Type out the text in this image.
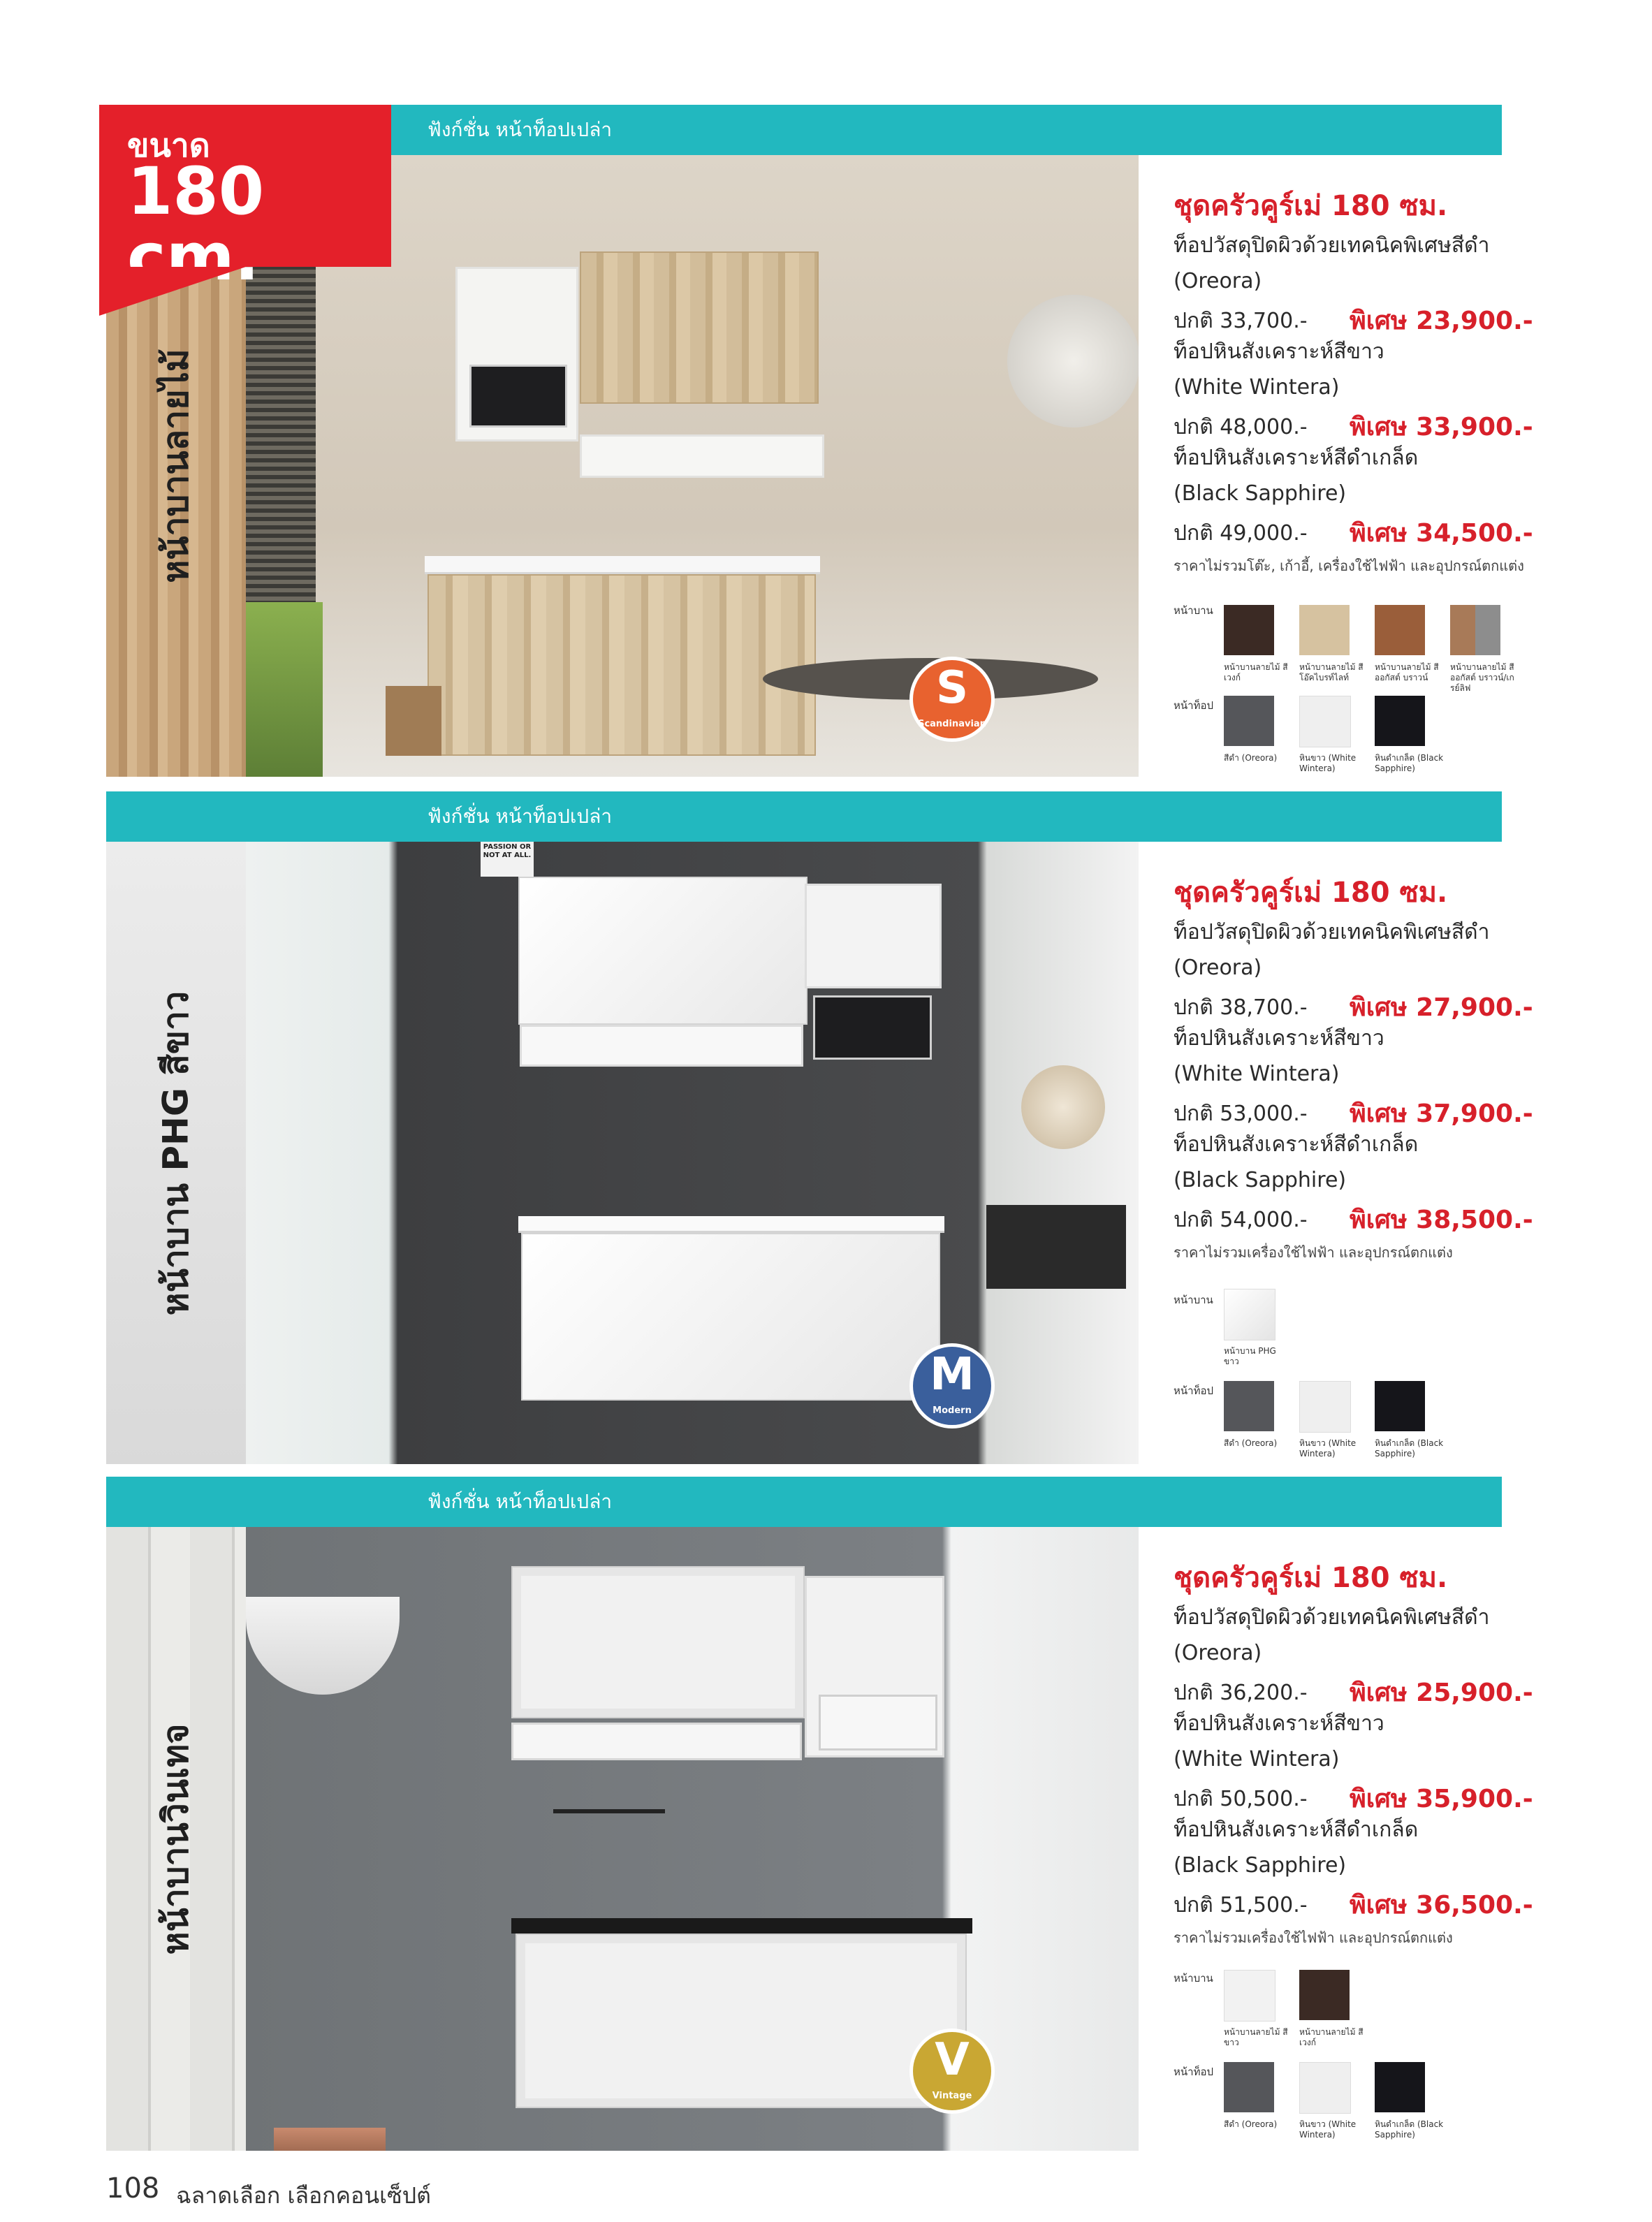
ขนาด
180 cm.
ฟังก์ชั่น หน้าท็อปเปล่า
หน้าบานลายไม้
S
Scandinavian
ชุดครัวคูร์เม่ 180 ซม.
ท็อปวัสดุปิดผิวด้วยเทคนิคพิเศษสีดำ
(Oreora)
ปกติ 33,700.- พิเศษ 23,900.-
ท็อปหินสังเคราะห์สีขาว
(White Wintera)
ปกติ 48,000.- พิเศษ 33,900.-
ท็อปหินสังเคราะห์สีดำเกล็ด
(Black Sapphire)
ปกติ 49,000.- พิเศษ 34,500.-
ราคาไม่รวมโต๊ะ, เก้าอี้, เครื่องใช้ไฟฟ้า และอุปกรณ์ตกแต่ง
หน้าบาน
หน้าบานลายไม้ สีเวงก์
หน้าบานลายไม้ สีโอ๊คไบรท์ไลท์
หน้าบานลายไม้ สีออกัสต์ บราวน์
หน้าบานลายไม้ สีออกัสต์ บราวน์/เกรย์ลิฟ
หน้าท็อป
สีดำ (Oreora)	หินขาว (White Wintera)
หินดำเกล็ด (Black Sapphire)
ฟังก์ชั่น หน้าท็อปเปล่า
หน้าบาน PHG สีขาว
PASSION OR NOT AT ALL.
M
Modern
ชุดครัวคูร์เม่ 180 ซม.
ท็อปวัสดุปิดผิวด้วยเทคนิคพิเศษสีดำ
(Oreora)
ปกติ 38,700.- พิเศษ 27,900.-
ท็อปหินสังเคราะห์สีขาว
(White Wintera)
ปกติ 53,000.- พิเศษ 37,900.-
ท็อปหินสังเคราะห์สีดำเกล็ด
(Black Sapphire)
ปกติ 54,000.- พิเศษ 38,500.-
ราคาไม่รวมเครื่องใช้ไฟฟ้า และอุปกรณ์ตกแต่ง
หน้าบาน
หน้าบาน PHG ขาว
หน้าท็อป
สีดำ (Oreora)	หินขาว (White Wintera)
หินดำเกล็ด (Black Sapphire)
ฟังก์ชั่น หน้าท็อปเปล่า
หน้าบานวินเทจ
V
Vintage
ชุดครัวคูร์เม่ 180 ซม.
ท็อปวัสดุปิดผิวด้วยเทคนิคพิเศษสีดำ
(Oreora)
ปกติ 36,200.- พิเศษ 25,900.-
ท็อปหินสังเคราะห์สีขาว
(White Wintera)
ปกติ 50,500.- พิเศษ 35,900.-
ท็อปหินสังเคราะห์สีดำเกล็ด
(Black Sapphire)
ปกติ 51,500.- พิเศษ 36,500.-
ราคาไม่รวมเครื่องใช้ไฟฟ้า และอุปกรณ์ตกแต่ง
หน้าบาน
หน้าบานลายไม้ สีขาว
หน้าบานลายไม้ สีเวงก์
หน้าท็อป
สีดำ (Oreora)	หินขาว (White Wintera)
หินดำเกล็ด (Black Sapphire)
108 ฉลาดเลือก เลือกคอนเซ็ปต์
